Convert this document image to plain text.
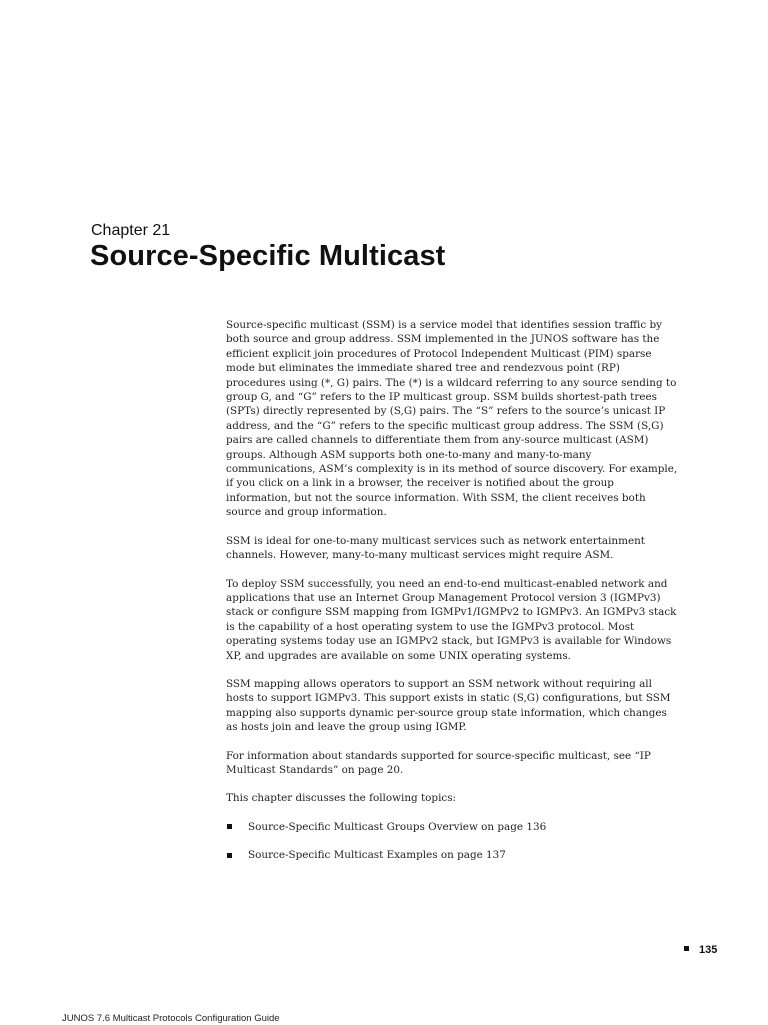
Chapter 21
Source-Specific Multicast

Source-specific multicast (SSM) is a service model that identifies session traffic by both source and group address. SSM implemented in the JUNOS software has the efficient explicit join procedures of Protocol Independent Multicast (PIM) sparse mode but eliminates the immediate shared tree and rendezvous point (RP) procedures using (*, G) pairs. The (*) is a wildcard referring to any source sending to group G, and “G” refers to the IP multicast group. SSM builds shortest-path trees (SPTs) directly represented by (S,G) pairs. The “S” refers to the source’s unicast IP address, and the “G” refers to the specific multicast group address. The SSM (S,G) pairs are called channels to differentiate them from any-source multicast (ASM) groups. Although ASM supports both one-to-many and many-to-many communications, ASM’s complexity is in its method of source discovery. For example, if you click on a link in a browser, the receiver is notified about the group information, but not the source information. With SSM, the client receives both source and group information.

SSM is ideal for one-to-many multicast services such as network entertainment channels. However, many-to-many multicast services might require ASM.

To deploy SSM successfully, you need an end-to-end multicast-enabled network and applications that use an Internet Group Management Protocol version 3 (IGMPv3) stack or configure SSM mapping from IGMPv1/IGMPv2 to IGMPv3. An IGMPv3 stack is the capability of a host operating system to use the IGMPv3 protocol. Most operating systems today use an IGMPv2 stack, but IGMPv3 is available for Windows XP, and upgrades are available on some UNIX operating systems.

SSM mapping allows operators to support an SSM network without requiring all hosts to support IGMPv3. This support exists in static (S,G) configurations, but SSM mapping also supports dynamic per-source group state information, which changes as hosts join and leave the group using IGMP.

For information about standards supported for source-specific multicast, see “IP Multicast Standards” on page 20.

This chapter discusses the following topics:

Source-Specific Multicast Groups Overview on page 136
Source-Specific Multicast Examples on page 137
135
JUNOS 7.6 Multicast Protocols Configuration Guide
